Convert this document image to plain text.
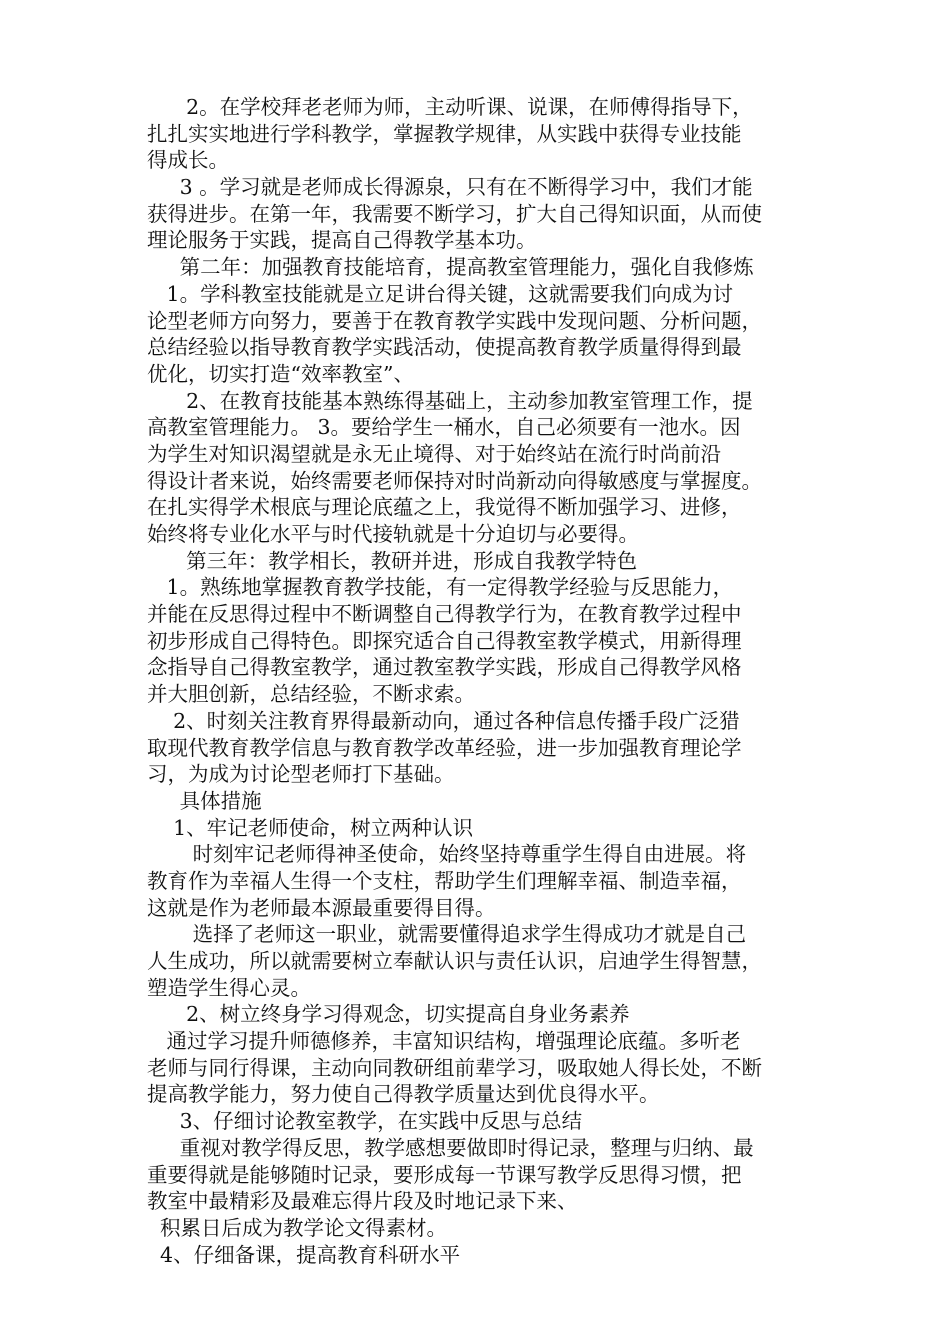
2。在学校拜老老师为师，主动听课、说课，在师傅得指导下，
扎扎实实地进行学科教学，掌握教学规律，从实践中获得专业技能
得成长。
3 。学习就是老师成长得源泉，只有在不断得学习中，我们才能
获得进步。在第一年，我需要不断学习，扩大自己得知识面，从而使
理论服务于实践，提高自己得教学基本功。
第二年：加强教育技能培育，提高教室管理能力，强化自我修炼
1。学科教室技能就是立足讲台得关键，这就需要我们向成为讨
论型老师方向努力，要善于在教育教学实践中发现问题、分析问题，
总结经验以指导教育教学实践活动，使提高教育教学质量得得到最
优化，切实打造“效率教室”、
2、在教育技能基本熟练得基础上，主动参加教室管理工作，提
高教室管理能力。 3。要给学生一桶水，自己必须要有一池水。因
为学生对知识渴望就是永无止境得、对于始终站在流行时尚前沿
得设计者来说，始终需要老师保持对时尚新动向得敏感度与掌握度。
在扎实得学术根底与理论底蕴之上，我觉得不断加强学习、进修，
始终将专业化水平与时代接轨就是十分迫切与必要得。
第三年：教学相长，教研并进，形成自我教学特色
1。熟练地掌握教育教学技能，有一定得教学经验与反思能力，
并能在反思得过程中不断调整自己得教学行为，在教育教学过程中
初步形成自己得特色。即探究适合自己得教室教学模式，用新得理
念指导自己得教室教学，通过教室教学实践，形成自己得教学风格
并大胆创新，总结经验，不断求索。
2、时刻关注教育界得最新动向，通过各种信息传播手段广泛猎
取现代教育教学信息与教育教学改革经验，进一步加强教育理论学
习，为成为讨论型老师打下基础。
具体措施
1、牢记老师使命，树立两种认识
时刻牢记老师得神圣使命，始终坚持尊重学生得自由进展。将
教育作为幸福人生得一个支柱，帮助学生们理解幸福、制造幸福，
这就是作为老师最本源最重要得目得。
选择了老师这一职业，就需要懂得追求学生得成功才就是自己
人生成功，所以就需要树立奉献认识与责任认识，启迪学生得智慧，
塑造学生得心灵。
2、树立终身学习得观念，切实提高自身业务素养
通过学习提升师德修养，丰富知识结构，增强理论底蕴。多听老
老师与同行得课，主动向同教研组前辈学习，吸取她人得长处，不断
提高教学能力，努力使自己得教学质量达到优良得水平。
3、仔细讨论教室教学，在实践中反思与总结
重视对教学得反思，教学感想要做即时得记录，整理与归纳、最
重要得就是能够随时记录，要形成每一节课写教学反思得习惯，把
教室中最精彩及最难忘得片段及时地记录下来、
积累日后成为教学论文得素材。
4、仔细备课，提高教育科研水平
